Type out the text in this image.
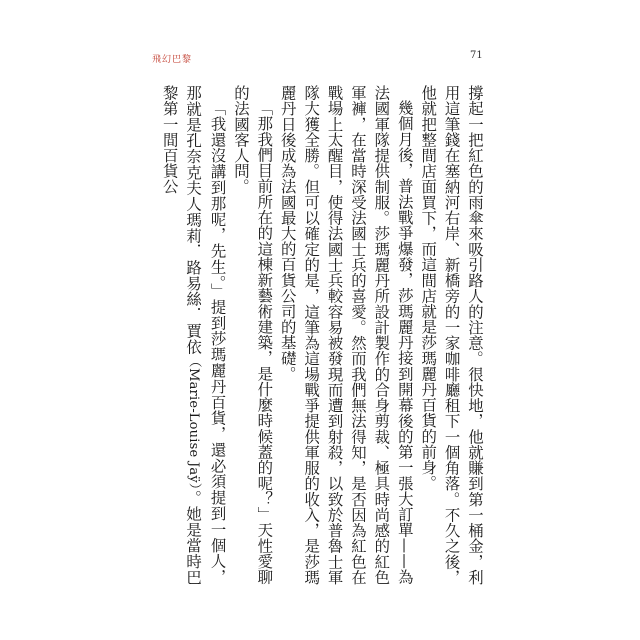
飛幻巴黎	71

撐起一把紅色的雨傘來吸引路人的注意。很快地，他就賺到第一桶金，利用這筆錢在塞納河右岸、新橋旁的一家咖啡廳租下一個角落。不久之後，他就把整間店面買下，而這間店就是莎瑪麗丹百貨的前身。

幾個月後，普法戰爭爆發，莎瑪麗丹接到開幕後的第一張大訂單——為法國軍隊提供制服。莎瑪麗丹所設計製作的合身剪裁、極具時尚感的紅色軍褲，在當時深受法國士兵的喜愛。然而我們無法得知，是否因為紅色在戰場上太醒目，使得法國士兵較容易被發現而遭到射殺，以致於普魯士軍隊大獲全勝。但可以確定的是，這筆為這場戰爭提供軍服的收入，是莎瑪麗丹日後成為法國最大的百貨公司的基礎。

「那我們目前所在的這棟新藝術建築，是什麼時候蓋的呢？」天性愛聊的法國客人問。

「我還沒講到那呢，先生。」提到莎瑪麗丹百貨，還必須提到一個人，那就是孔奈克夫人瑪莉．路易絲．賈依（Marie-Louise Jaÿ）。她是當時巴黎第一間百貨公
